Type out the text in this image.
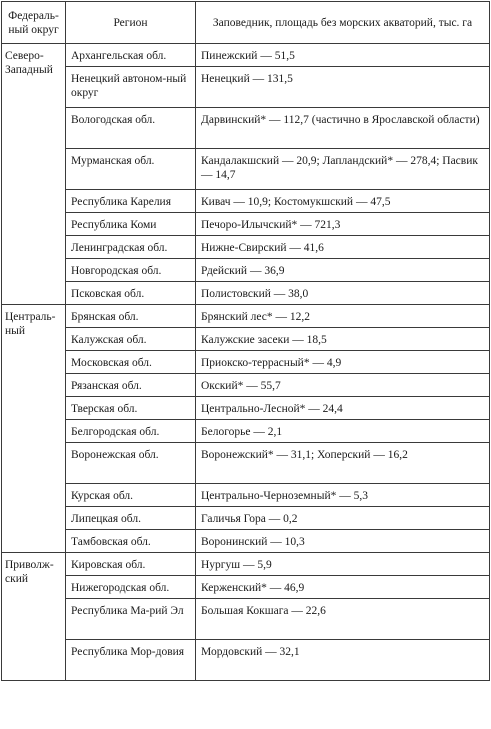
Федераль-ный округ	Регион	Заповедник, площадь без морских акваторий, тыс. га
Северо-Западный	Архангельская обл.	Пинежский — 51,5
	Ненецкий автоном-ный округ	Ненецкий — 131,5
	Вологодская обл.	Дарвинский* — 112,7 (частично в Ярославской области)
	Мурманская обл.	Кандалакшский — 20,9; Лапландский* — 278,4; Пасвик — 14,7
	Республика Карелия	Кивач — 10,9; Костомукшский — 47,5
	Республика Коми	Печоро-Илычский* — 721,3
	Ленинградская обл.	Нижне-Свирский — 41,6
	Новгородская обл.	Рдейский — 36,9
	Псковская обл.	Полистовский — 38,0
Централь-ный	Брянская обл.	Брянский лес* — 12,2
	Калужская обл.	Калужские засеки — 18,5
	Московская обл.	Приокско-террасный* — 4,9
	Рязанская обл.	Окский* — 55,7
	Тверская обл.	Центрально-Лесной* — 24,4
	Белгородская обл.	Белогорье — 2,1
	Воронежская обл.	Воронежский* — 31,1; Хоперский — 16,2
	Курская обл.	Центрально-Черноземный* — 5,3
	Липецкая обл.	Галичья Гора — 0,2
	Тамбовская обл.	Воронинский — 10,3
Приволж-ский	Кировская обл.	Нургуш — 5,9
	Нижегородская обл.	Керженский* — 46,9
	Республика Ма-рий Эл	Большая Кокшага — 22,6
	Республика Мор-довия	Мордовский — 32,1
